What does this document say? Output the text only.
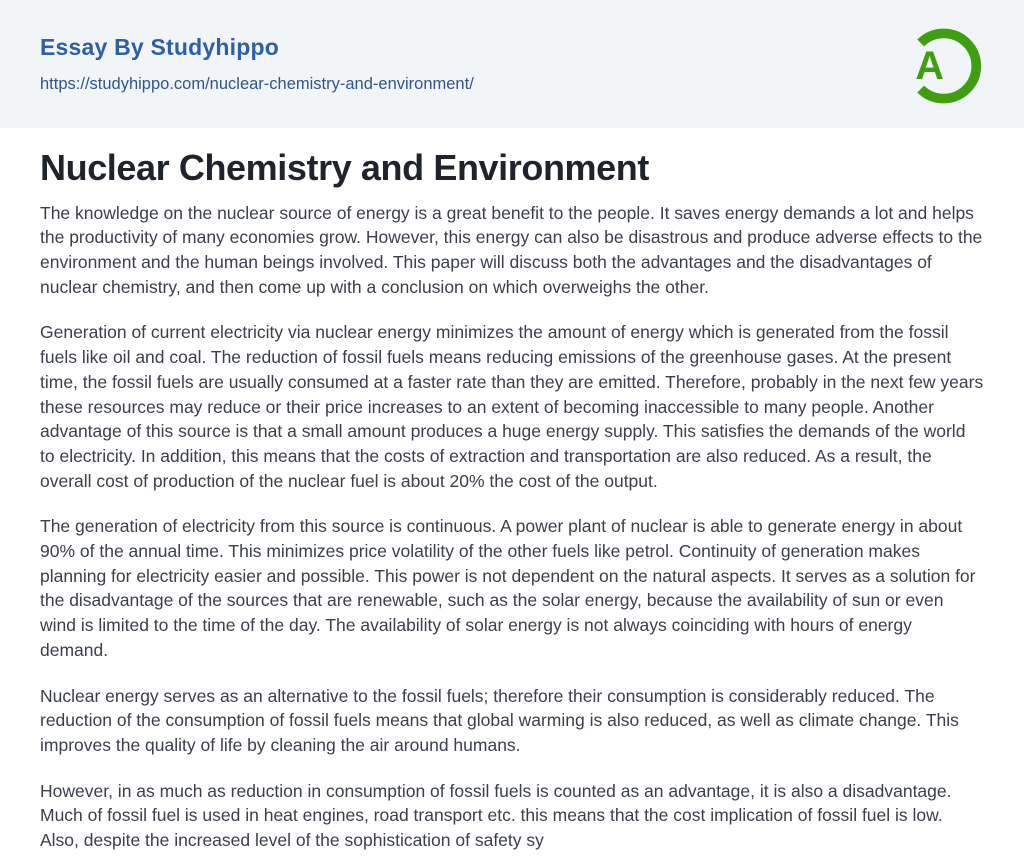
Essay By Studyhippo
https://studyhippo.com/nuclear-chemistry-and-environment/	A
Nuclear Chemistry and Environment

The knowledge on the nuclear source of energy is a great benefit to the people. It saves energy demands a lot and helps the productivity of many economies grow. However, this energy can also be disastrous and produce adverse effects to the environment and the human beings involved. This paper will discuss both the advantages and the disadvantages of nuclear chemistry, and then come up with a conclusion on which overweighs the other.

Generation of current electricity via nuclear energy minimizes the amount of energy which is generated from the fossil fuels like oil and coal. The reduction of fossil fuels means reducing emissions of the greenhouse gases. At the present time, the fossil fuels are usually consumed at a faster rate than they are emitted. Therefore, probably in the next few years these resources may reduce or their price increases to an extent of becoming inaccessible to many people. Another advantage of this source is that a small amount produces a huge energy supply. This satisfies the demands of the world to electricity. In addition, this means that the costs of extraction and transportation are also reduced. As a result, the overall cost of production of the nuclear fuel is about 20% the cost of the output.

The generation of electricity from this source is continuous. A power plant of nuclear is able to generate energy in about 90% of the annual time. This minimizes price volatility of the other fuels like petrol. Continuity of generation makes planning for electricity easier and possible. This power is not dependent on the natural aspects. It serves as a solution for the disadvantage of the sources that are renewable, such as the solar energy, because the availability of sun or even wind is limited to the time of the day. The availability of solar energy is not always coinciding with hours of energy demand.

Nuclear energy serves as an alternative to the fossil fuels; therefore their consumption is considerably reduced. The reduction of the consumption of fossil fuels means that global warming is also reduced, as well as climate change. This improves the quality of life by cleaning the air around humans.

However, in as much as reduction in consumption of fossil fuels is counted as an advantage, it is also a disadvantage. Much of fossil fuel is used in heat engines, road transport etc. this means that the cost implication of fossil fuel is low. Also, despite the increased level of the sophistication of safety sy
